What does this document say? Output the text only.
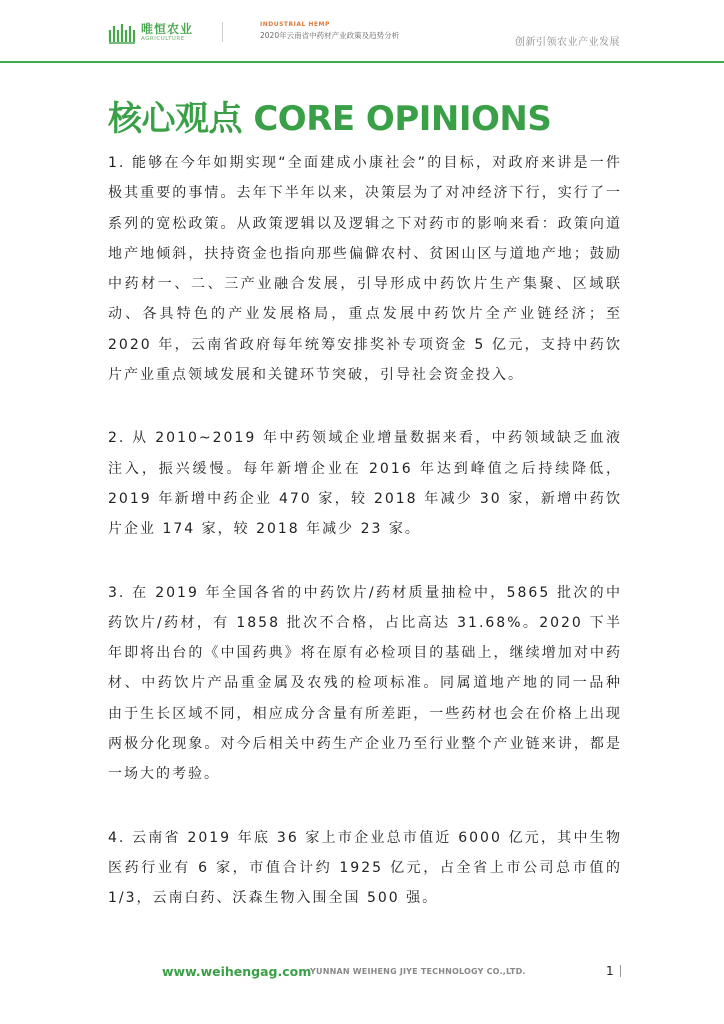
唯恒农业
AGRICULTURE
INDUSTRIAL HEMP
2020年云南省中药材产业政策及趋势分析
创新引领农业产业发展
核心观点 CORE OPINIONS

1. 能够在今年如期实现“全面建成小康社会”的目标，对政府来讲是一件极其重要的事情。去年下半年以来，决策层为了对冲经济下行，实行了一系列的宽松政策。从政策逻辑以及逻辑之下对药市的影响来看：政策向道地产地倾斜，扶持资金也指向那些偏僻农村、贫困山区与道地产地；鼓励中药材一、二、三产业融合发展，引导形成中药饮片生产集聚、区域联动、各具特色的产业发展格局，重点发展中药饮片全产业链经济；至 2020 年，云南省政府每年统筹安排奖补专项资金 5 亿元，支持中药饮片产业重点领域发展和关键环节突破，引导社会资金投入。

2. 从 2010~2019 年中药领域企业增量数据来看，中药领域缺乏血液注入，振兴缓慢。每年新增企业在 2016 年达到峰值之后持续降低，2019 年新增中药企业 470 家，较 2018 年减少 30 家，新增中药饮片企业 174 家，较 2018 年减少 23 家。

3. 在 2019 年全国各省的中药饮片/药材质量抽检中，5865 批次的中药饮片/药材，有 1858 批次不合格，占比高达 31.68%。2020 下半年即将出台的《中国药典》将在原有必检项目的基础上，继续增加对中药材、中药饮片产品重金属及农残的检项标准。同属道地产地的同一品种 由于生长区域不同，相应成分含量有所差距，一些药材也会在价格上出现两极分化现象。对今后相关中药生产企业乃至行业整个产业链来讲，都是一场大的考验。

4. 云南省 2019 年底 36 家上市企业总市值近 6000 亿元，其中生物医药行业有 6 家，市值合计约 1925 亿元，占全省上市公司总市值的 1/3，云南白药、沃森生物入围全国 500 强。

www.weihengag.com
YUNNAN WEIHENG JIYE TECHNOLOGY CO.,LTD.	1
